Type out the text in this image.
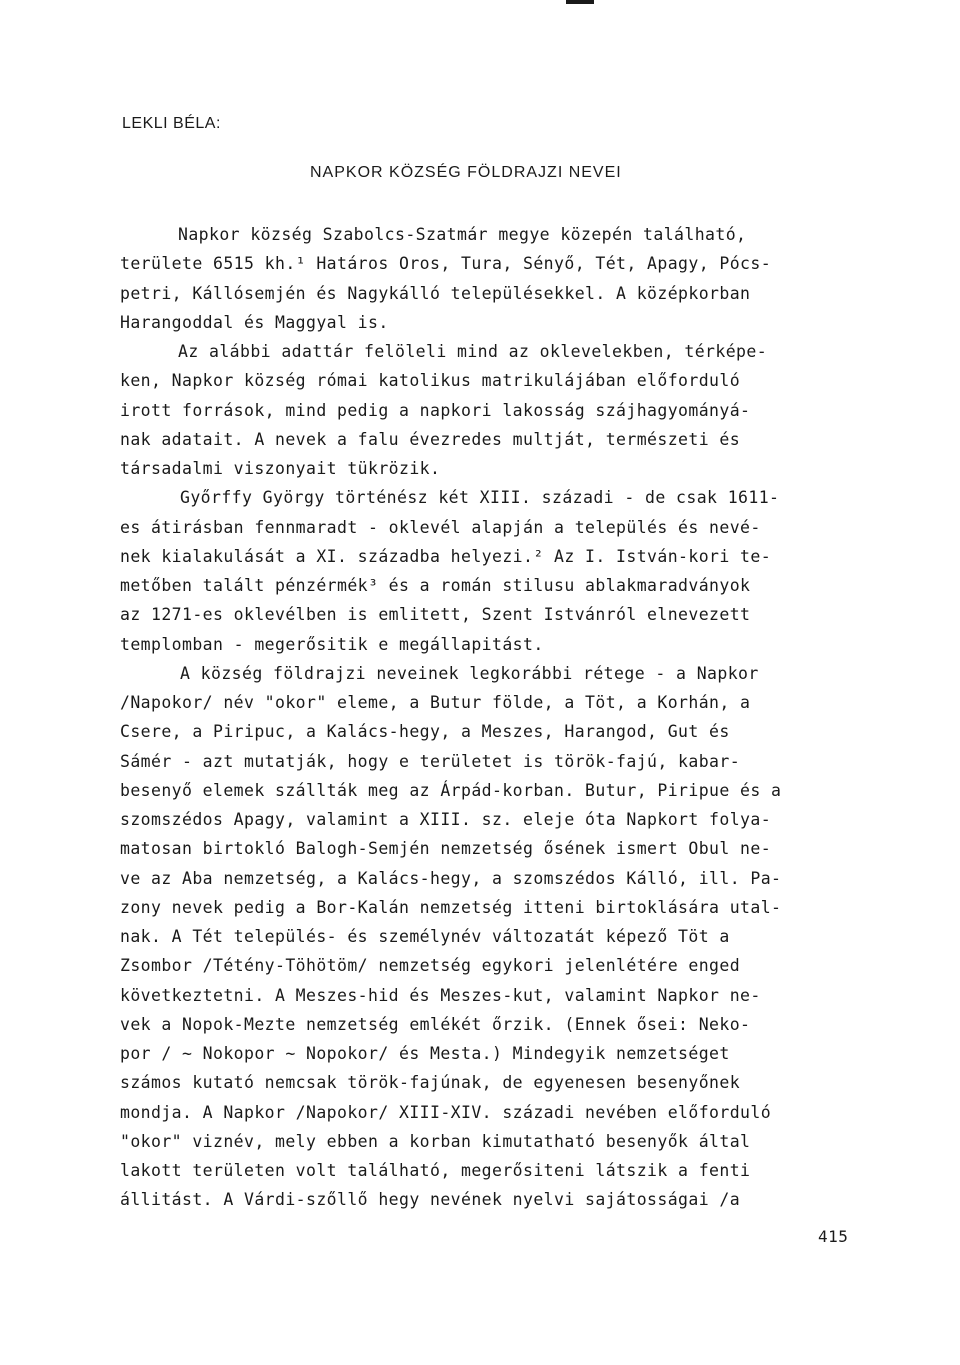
LEKLI BÉLA:
NAPKOR KÖZSÉG FÖLDRAJZI NEVEI
Napkor község Szabolcs-Szatmár megye közepén található,
területe 6515 kh.¹ Határos Oros, Tura, Sényő, Tét, Apagy, Pócs-
petri, Kállósemjén és Nagykálló településekkel. A középkorban
Harangoddal és Maggyal is.
Az alábbi adattár felöleli mind az oklevelekben, térképe-
ken, Napkor község római katolikus matrikulájában előforduló
irott források, mind pedig a napkori lakosság szájhagyományá-
nak adatait. A nevek a falu évezredes multját, természeti és
társadalmi viszonyait tükrözik.
Győrffy György történész két XIII. századi - de csak 1611-
es átirásban fennmaradt - oklevél alapján a település és nevé-
nek kialakulását a XI. századba helyezi.² Az I. István-kori te-
metőben talált pénzérmék³ és a román stilusu ablakmaradványok
az 1271-es oklevélben is emlitett, Szent Istvánról elnevezett
templomban - megerősitik e megállapitást.
A község földrajzi neveinek legkorábbi rétege - a Napkor
/Napokor/ név "okor" eleme, a Butur földe, a Töt, a Korhán, a
Csere, a Piripuc, a Kalács-hegy, a Meszes, Harangod, Gut és
Sámér - azt mutatják, hogy e területet is török-fajú, kabar-
besenyő elemek szállták meg az Árpád-korban. Butur, Piripue és a
szomszédos Apagy, valamint a XIII. sz. eleje óta Napkort folya-
matosan birtokló Balogh-Semjén nemzetség ősének ismert Obul ne-
ve az Aba nemzetség, a Kalács-hegy, a szomszédos Kálló, ill. Pa-
zony nevek pedig a Bor-Kalán nemzetség itteni birtoklására utal-
nak. A Tét település- és személynév változatát képező Töt a
Zsombor /Tétény-Töhötöm/ nemzetség egykori jelenlétére enged
következtetni. A Meszes-hid és Meszes-kut, valamint Napkor ne-
vek a Nopok-Mezte nemzetség emlékét őrzik. (Ennek ősei: Neko-
por / ~ Nokopor ~ Nopokor/ és Mesta.) Mindegyik nemzetséget
számos kutató nemcsak török-fajúnak, de egyenesen besenyőnek
mondja. A Napkor /Napokor/ XIII-XIV. századi nevében előforduló
"okor" viznév, mely ebben a korban kimutatható besenyők által
lakott területen volt található, megerősiteni látszik a fenti
állitást. A Várdi-szőllő hegy nevének nyelvi sajátosságai /a
415
